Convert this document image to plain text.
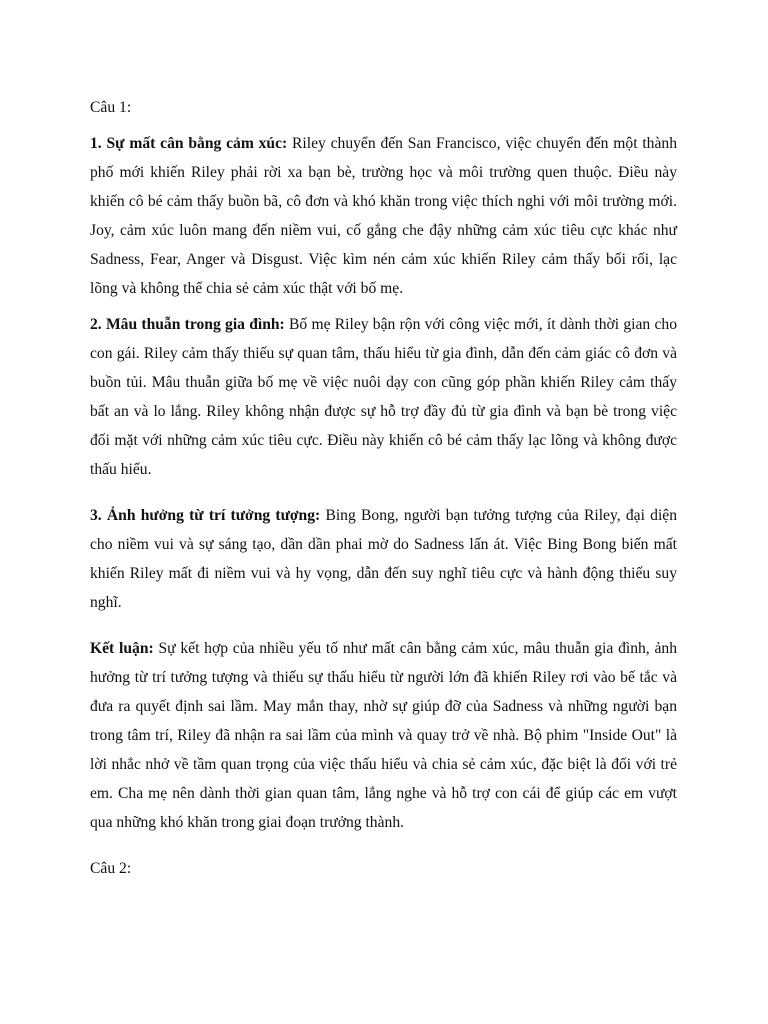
Câu 1:

1. Sự mất cân bằng cảm xúc: Riley chuyển đến San Francisco, việc chuyển đến một thành phố mới khiến Riley phải rời xa bạn bè, trường học và môi trường quen thuộc. Điều này khiến cô bé cảm thấy buồn bã, cô đơn và khó khăn trong việc thích nghi với môi trường mới. Joy, cảm xúc luôn mang đến niềm vui, cố gắng che đậy những cảm xúc tiêu cực khác như Sadness, Fear, Anger và Disgust. Việc kìm nén cảm xúc khiến Riley cảm thấy bối rối, lạc lõng và không thể chia sẻ cảm xúc thật với bố mẹ.

2. Mâu thuẫn trong gia đình: Bố mẹ Riley bận rộn với công việc mới, ít dành thời gian cho con gái. Riley cảm thấy thiếu sự quan tâm, thấu hiểu từ gia đình, dẫn đến cảm giác cô đơn và buồn tủi. Mâu thuẫn giữa bố mẹ về việc nuôi dạy con cũng góp phần khiến Riley cảm thấy bất an và lo lắng. Riley không nhận được sự hỗ trợ đầy đủ từ gia đình và bạn bè trong việc đối mặt với những cảm xúc tiêu cực. Điều này khiến cô bé cảm thấy lạc lõng và không được thấu hiểu.

3. Ảnh hưởng từ trí tưởng tượng: Bing Bong, người bạn tưởng tượng của Riley, đại diện cho niềm vui và sự sáng tạo, dần dần phai mờ do Sadness lấn át. Việc Bing Bong biến mất khiến Riley mất đi niềm vui và hy vọng, dẫn đến suy nghĩ tiêu cực và hành động thiếu suy nghĩ.

Kết luận: Sự kết hợp của nhiều yếu tố như mất cân bằng cảm xúc, mâu thuẫn gia đình, ảnh hưởng từ trí tưởng tượng và thiếu sự thấu hiểu từ người lớn đã khiến Riley rơi vào bế tắc và đưa ra quyết định sai lầm. May mắn thay, nhờ sự giúp đỡ của Sadness và những người bạn trong tâm trí, Riley đã nhận ra sai lầm của mình và quay trở về nhà. Bộ phim "Inside Out" là lời nhắc nhở về tầm quan trọng của việc thấu hiểu và chia sẻ cảm xúc, đặc biệt là đối với trẻ em. Cha mẹ nên dành thời gian quan tâm, lắng nghe và hỗ trợ con cái để giúp các em vượt qua những khó khăn trong giai đoạn trưởng thành.

Câu 2:
